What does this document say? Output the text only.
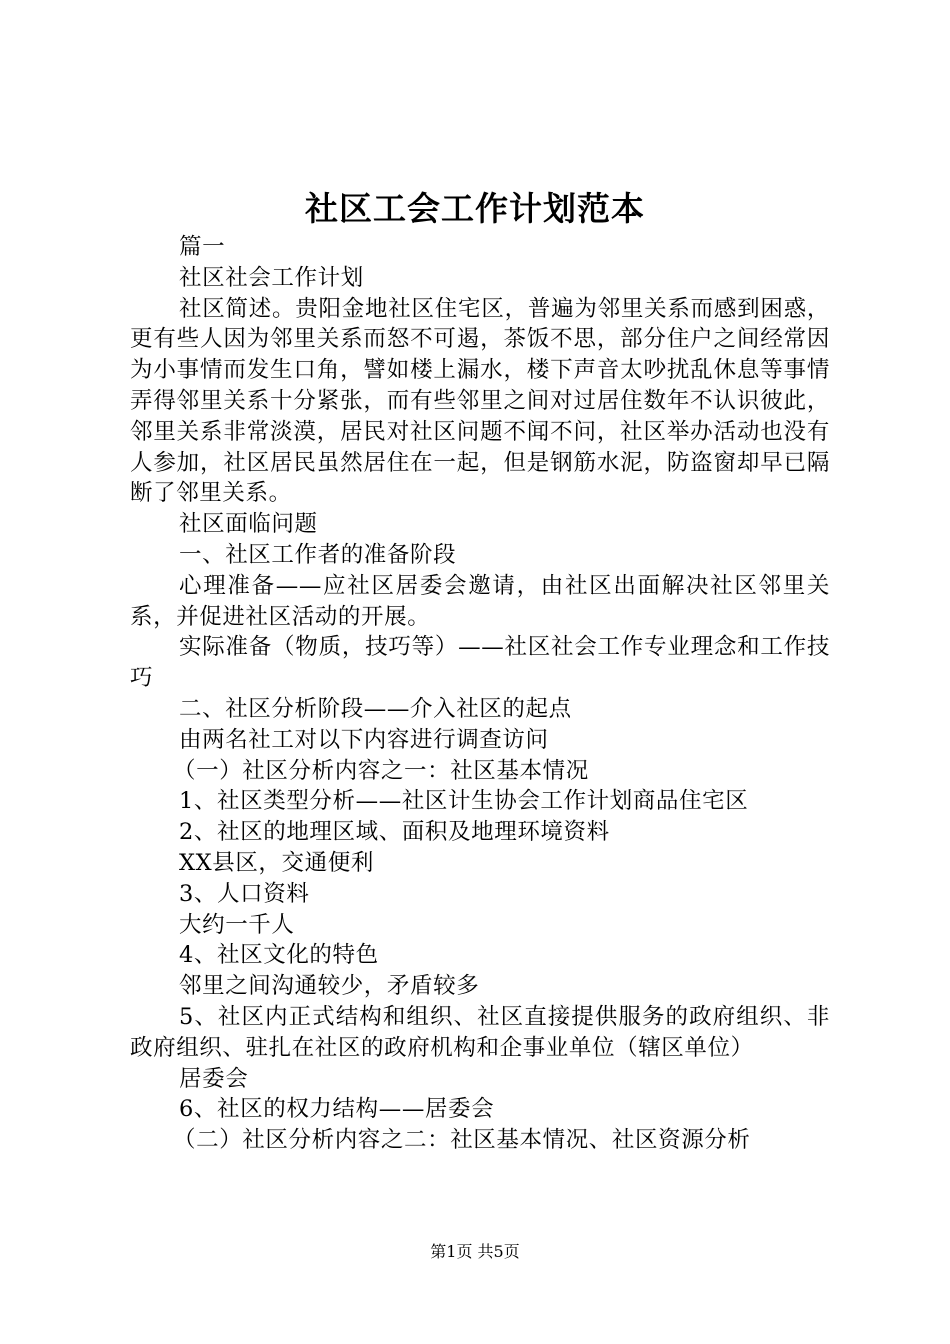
社区工会工作计划范本

篇一

社区社会工作计划

社区简述。贵阳金地社区住宅区，普遍为邻里关系而感到困惑，更有些人因为邻里关系而怒不可遏，茶饭不思，部分住户之间经常因为小事情而发生口角，譬如楼上漏水，楼下声音太吵扰乱休息等事情弄得邻里关系十分紧张，而有些邻里之间对过居住数年不认识彼此，邻里关系非常淡漠，居民对社区问题不闻不问，社区举办活动也没有人参加，社区居民虽然居住在一起，但是钢筋水泥，防盗窗却早已隔断了邻里关系。

社区面临问题

一、社区工作者的准备阶段

心理准备——应社区居委会邀请，由社区出面解决社区邻里关系，并促进社区活动的开展。

实际准备（物质，技巧等）——社区社会工作专业理念和工作技巧

二、社区分析阶段——介入社区的起点

由两名社工对以下内容进行调查访问

（一）社区分析内容之一：社区基本情况

1、社区类型分析——社区计生协会工作计划商品住宅区

2、社区的地理区域、面积及地理环境资料

XX县区，交通便利

3、人口资料

大约一千人

4、社区文化的特色

邻里之间沟通较少，矛盾较多

5、社区内正式结构和组织、社区直接提供服务的政府组织、非政府组织、驻扎在社区的政府机构和企事业单位（辖区单位）

居委会

6、社区的权力结构——居委会

（二）社区分析内容之二：社区基本情况、社区资源分析

第1页 共5页
